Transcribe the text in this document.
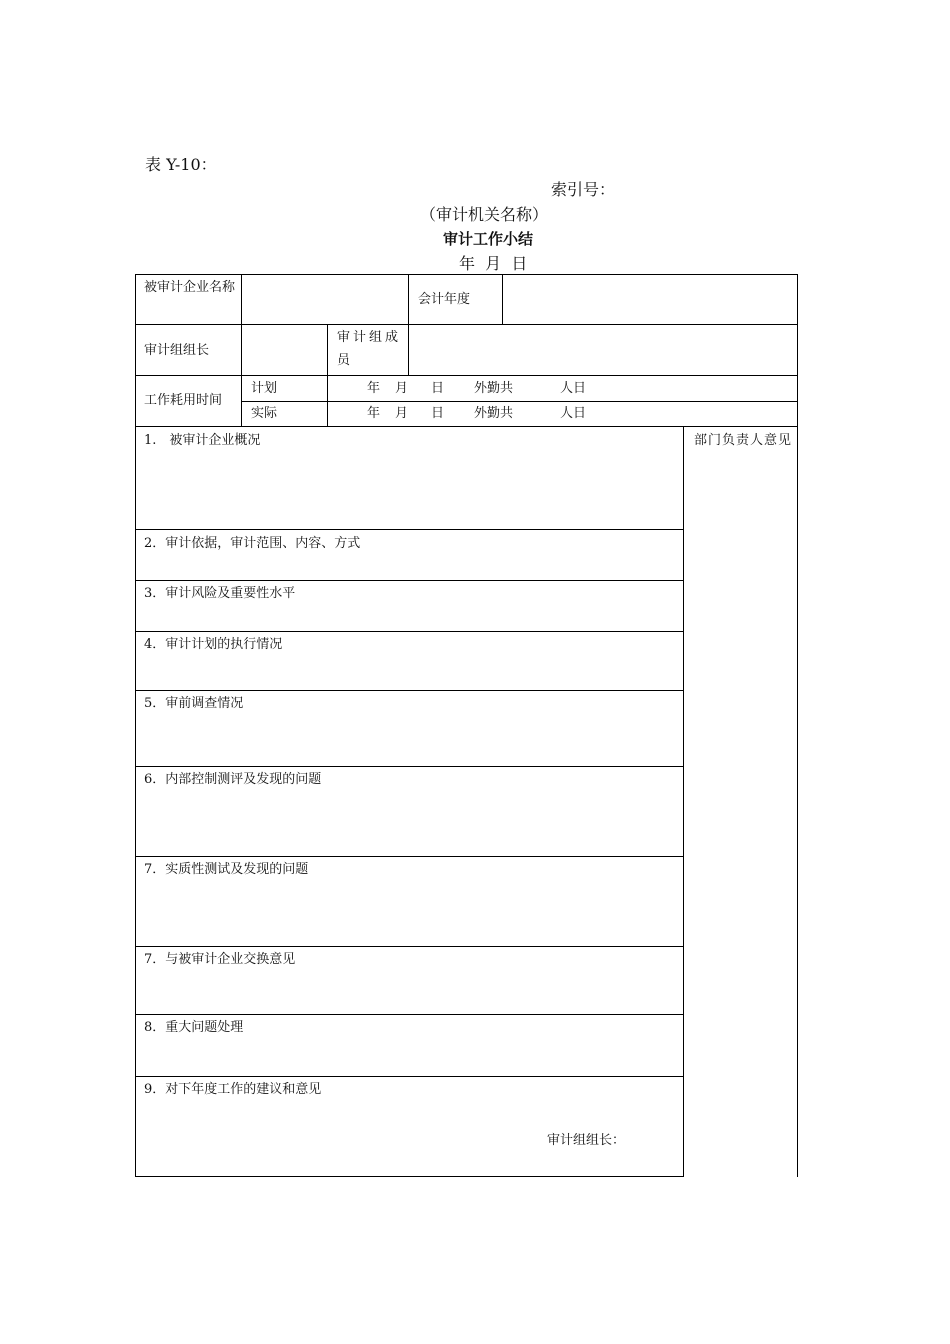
表 Y-10：
索引号：
（审计机关名称）
审计工作小结
年  月  日
被审计企业名称
会计年度
审计组组长
审计组成员
工作耗用时间
计划
实际
年 月 日 外勤共	人日
年 月 日 外勤共	人日
部门负责人意见
1.　被审计企业概况
2．审计依据，审计范围、内容、方式
3．审计风险及重要性水平
4．审计计划的执行情况
5．审前调查情况
6．内部控制测评及发现的问题
7．实质性测试及发现的问题
7．与被审计企业交换意见
8．重大问题处理
9．对下年度工作的建议和意见
审计组组长：
